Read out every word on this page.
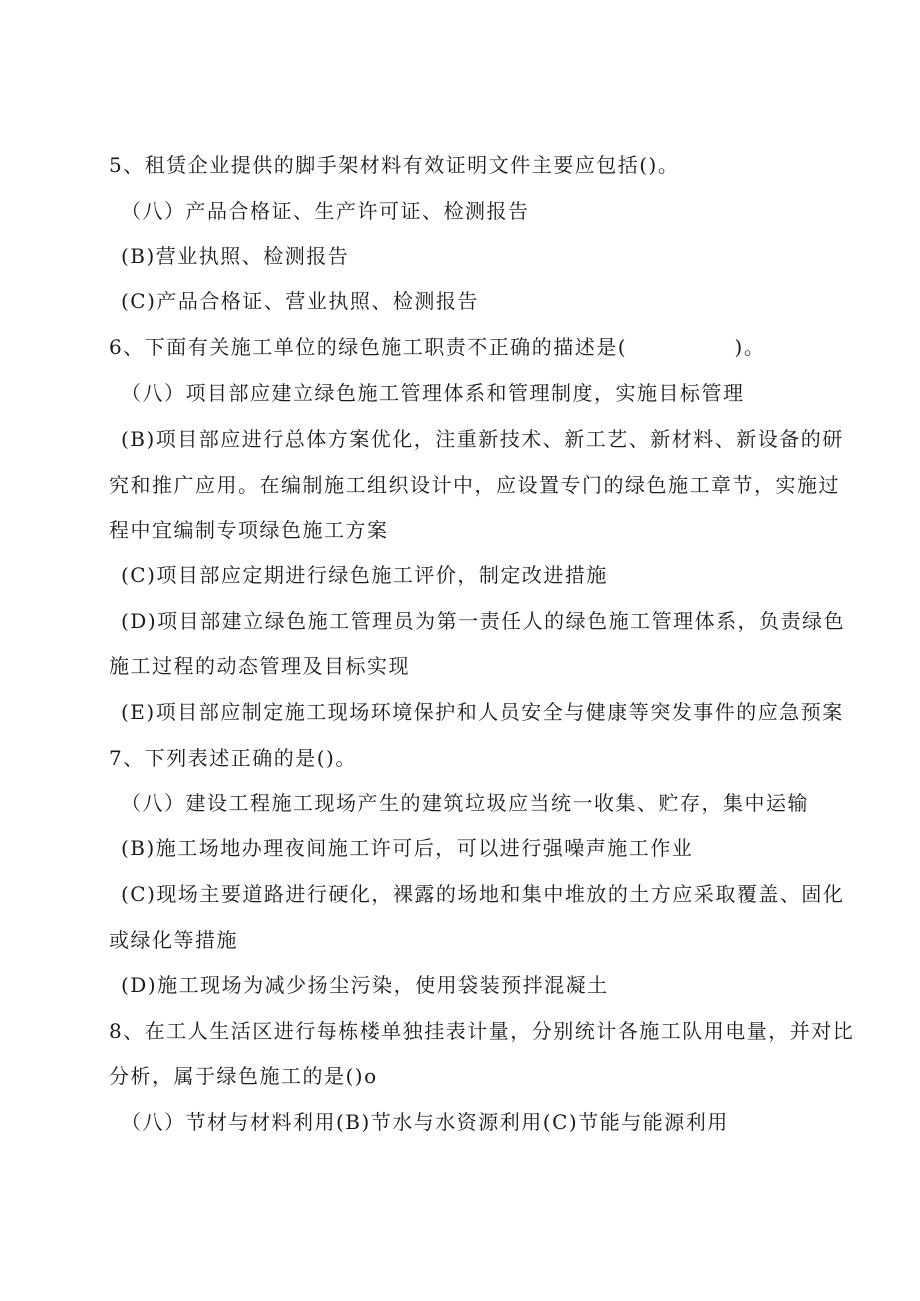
5、租赁企业提供的脚手架材料有效证明文件主要应包括()。
（八）产品合格证、生产许可证、检测报告
(B)营业执照、检测报告
(C)产品合格证、营业执照、检测报告
6、下面有关施工单位的绿色施工职责不正确的描述是(　　　　　)。
（八）项目部应建立绿色施工管理体系和管理制度，实施目标管理
(B)项目部应进行总体方案优化，注重新技术、新工艺、新材料、新设备的研
究和推广应用。在编制施工组织设计中，应设置专门的绿色施工章节，实施过
程中宜编制专项绿色施工方案
(C)项目部应定期进行绿色施工评价，制定改进措施
(D)项目部建立绿色施工管理员为第一责任人的绿色施工管理体系，负责绿色
施工过程的动态管理及目标实现
(E)项目部应制定施工现场环境保护和人员安全与健康等突发事件的应急预案
7、下列表述正确的是()。
（八）建设工程施工现场产生的建筑垃圾应当统一收集、贮存，集中运输
(B)施工场地办理夜间施工许可后，可以进行强噪声施工作业
(C)现场主要道路进行硬化，裸露的场地和集中堆放的土方应采取覆盖、固化
或绿化等措施
(D)施工现场为减少扬尘污染，使用袋装预拌混凝土
8、在工人生活区进行每栋楼单独挂表计量，分别统计各施工队用电量，并对比
分析，属于绿色施工的是()o
（八）节材与材料利用(B)节水与水资源利用(C)节能与能源利用
